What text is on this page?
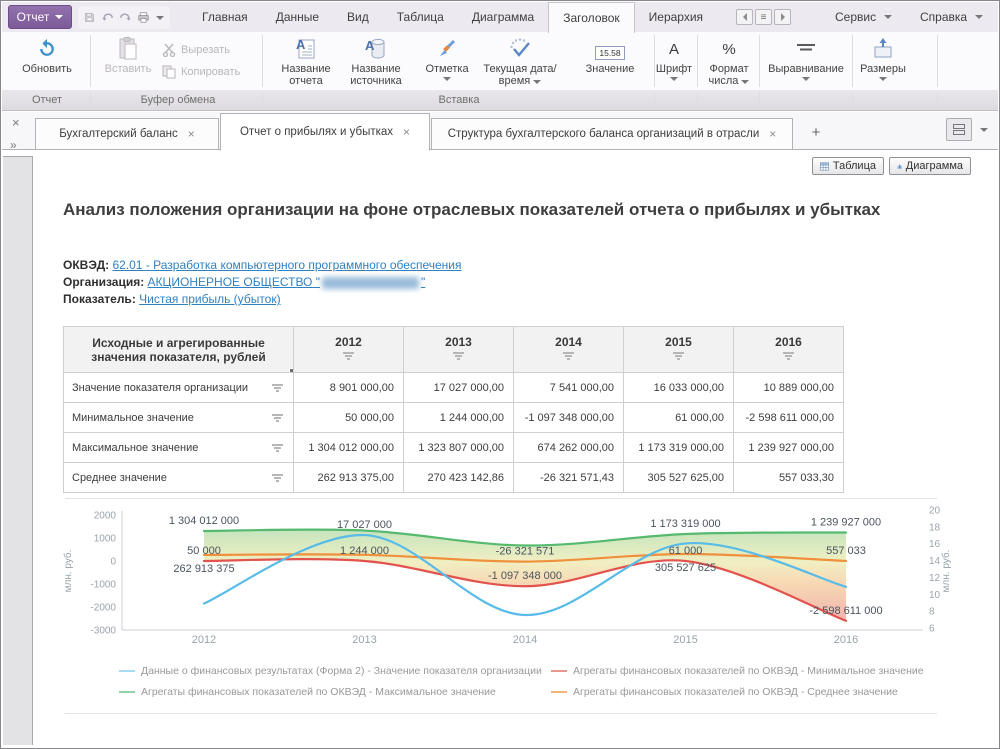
Отчет	Главная	Данные	Вид	Таблица	Диаграмма	Заголовок	Иерархия	≡	Сервис	Справка
Обновить	Вставить
Вырезать
Копировать
A
Название отчета
A
Название источника
Отметка	Текущая дата/время
15.58
Значение
A
Шрифт
%
Формат числа
Выравнивание Размеры
Отчет	Буфер обмена	Вставка
×
»
Бухгалтерский баланс ×	Отчет о прибылях и убытках ×	Структура бухгалтерского баланса организаций в отрасли ×	+
Таблица	Диаграмма
Анализ положения организации на фоне отраслевых показателей отчета о прибылях и убытках
ОКВЭД: 62.01 - Разработка компьютерного программного обеспечения
Организация: АКЦИОНЕРНОЕ ОБЩЕСТВО "	"
Показатель: Чистая прибыль (убыток)
Исходные и агрегированные значения показателя, рублей	2012	2013	2014	2015	2016

Значение показателя организации	8 901 000,00	17 027 000,00	7 541 000,00	16 033 000,00	10 889 000,00
Минимальное значение	50 000,00	1 244 000,00	-1 097 348 000,00	61 000,00	-2 598 611 000,00
Максимальное значение	1 304 012 000,00	1 323 807 000,00	674 262 000,00	1 173 319 000,00	1 239 927 000,00
Среднее значение	262 913 375,00	270 423 142,86	-26 321 571,43	305 527 625,00	557 033,30
2000
1000
0
-1000
-2000
-3000
20
18
16
14
12
10
8
6
2012	2013	2014	2015	2016
млн. руб.	млн. руб.
1 304 012 000
50 000
262 913 375
17 027 000
1 244 000	-26 321 571
-1 097 348 000
1 173 319 000
61 000
305 527 625
1 239 927 000
557 033
-2 598 611 000
Данные о финансовых результатах (Форма 2) - Значение показателя организации	Агрегаты финансовых показателей по ОКВЭД - Минимальное значение
Агрегаты финансовых показателей по ОКВЭД - Максимальное значение	Агрегаты финансовых показателей по ОКВЭД - Среднее значение
